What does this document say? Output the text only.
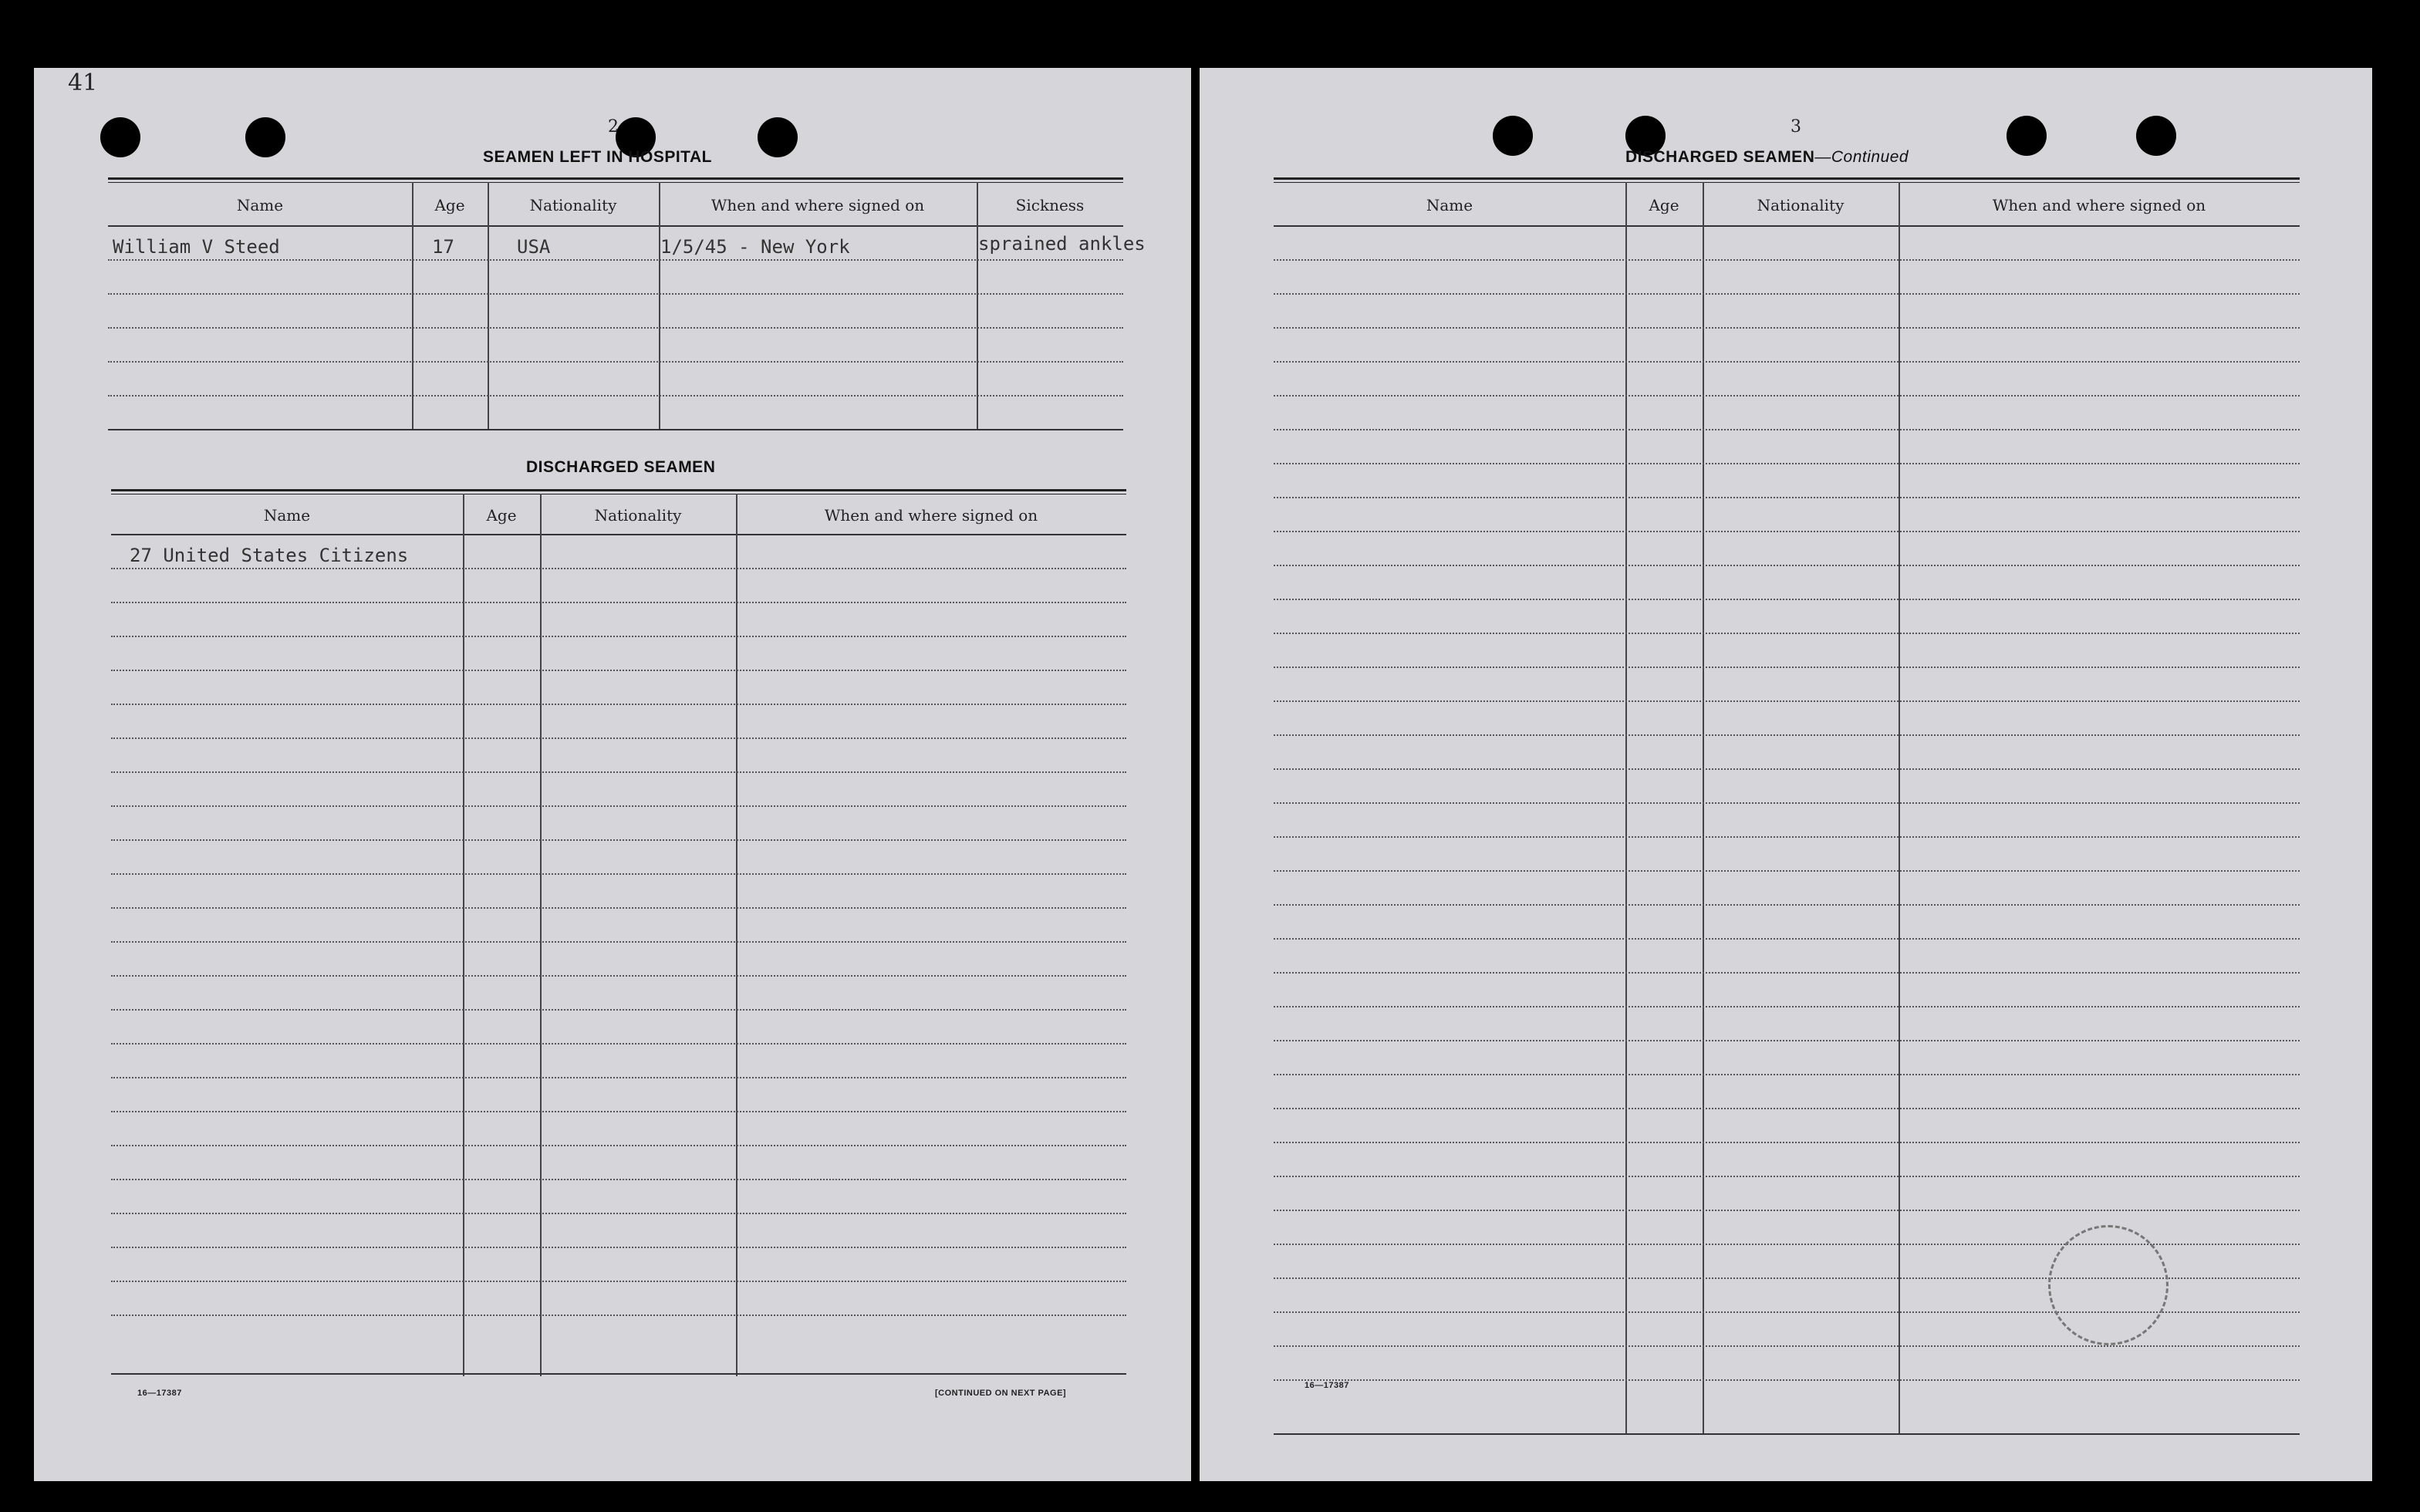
41
2
SEAMEN LEFT IN HOSPITAL
Name	Age	Nationality	When and where signed on	Sickness
William V Steed	17	USA	1/5/45 - New York	sprained ankles
DISCHARGED SEAMEN
Name	Age	Nationality	When and where signed on
27 United States Citizens
16—17387	[CONTINUED ON NEXT PAGE]
3
DISCHARGED SEAMEN—Continued
Name	Age	Nationality	When and where signed on
16—17387
